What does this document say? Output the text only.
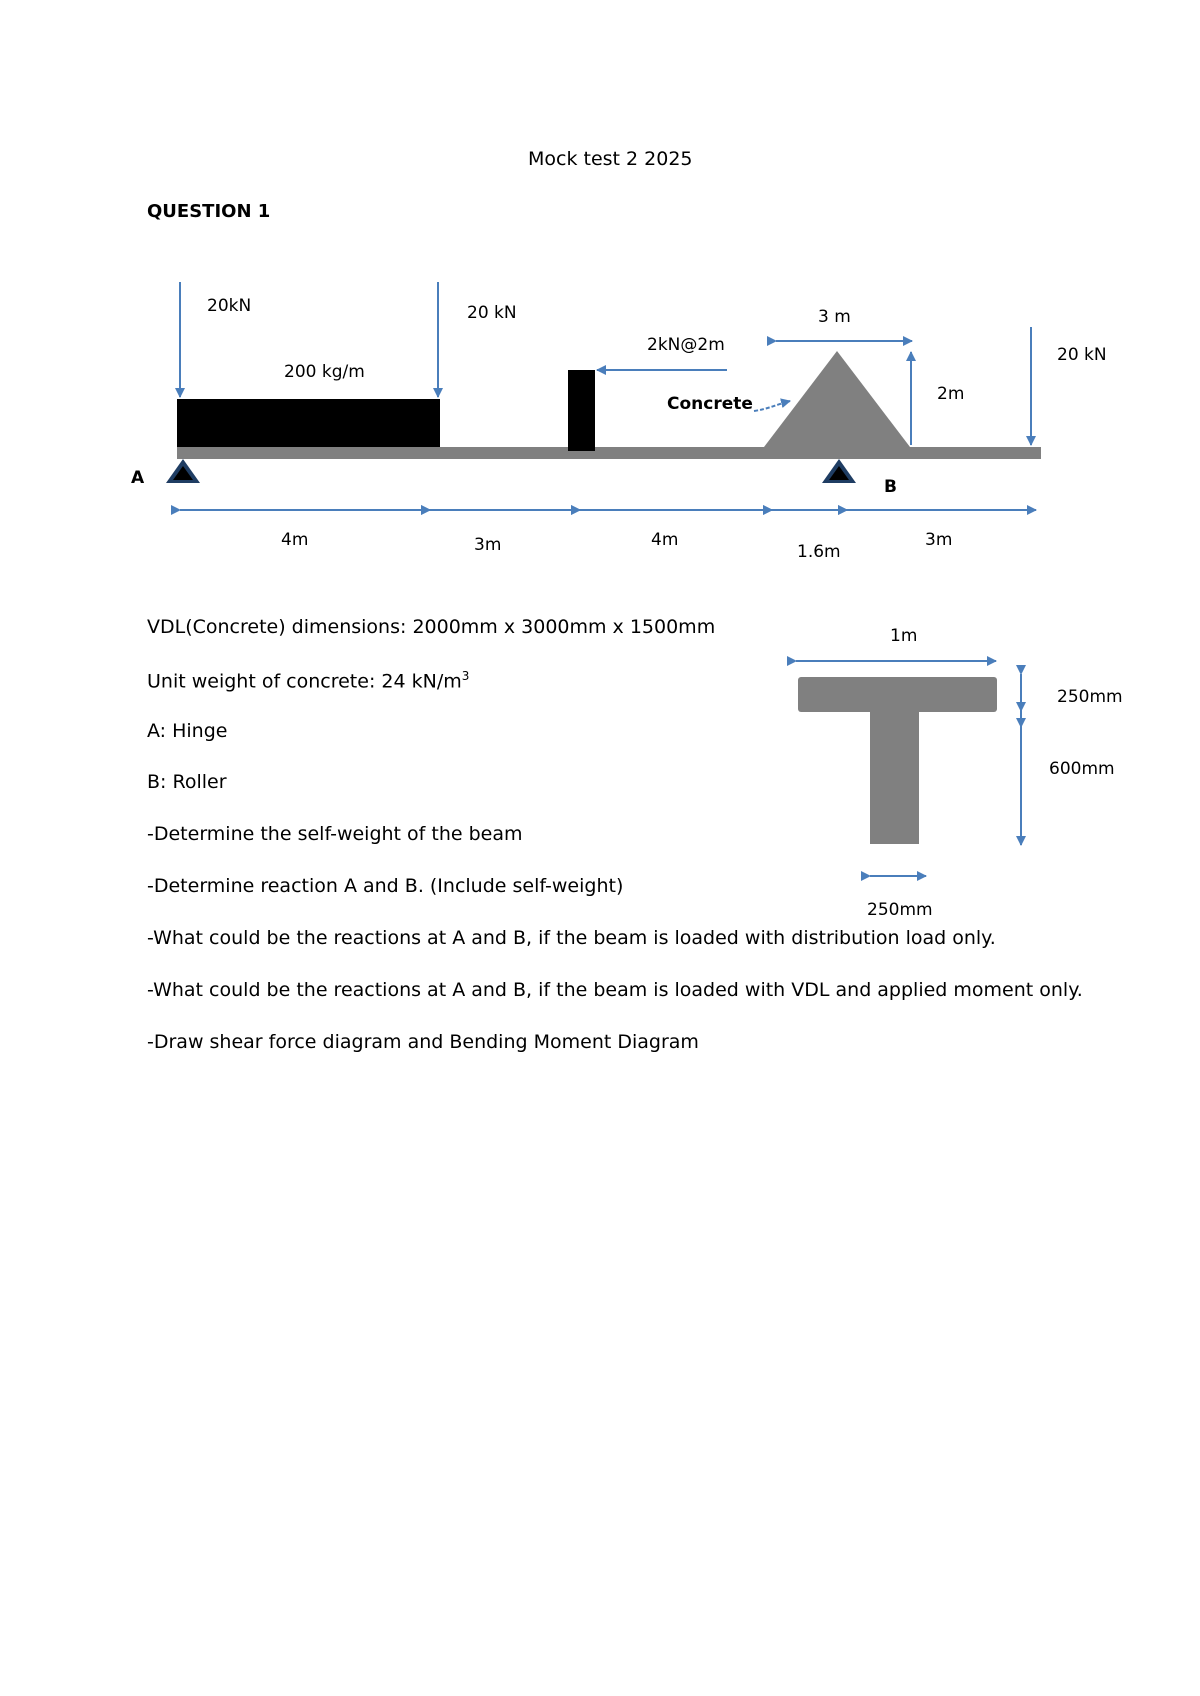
Mock test 2 2025
QUESTION 1
20kN
200 kg/m
20 kN
2kN@2m
Concrete
3 m
2m
20 kN
A	B
4m	3m	4m
1.6m
3m
1m
250mm
600mm
250mm
VDL(Concrete) dimensions: 2000mm x 3000mm x 1500mm
Unit weight of concrete: 24 $kN/m^3$
A: Hinge
B: Roller
-Determine the self-weight of the beam
-Determine reaction A and B. (Include self-weight)
-What could be the reactions at A and B, if the beam is loaded with distribution load only.
-What could be the reactions at A and B, if the beam is loaded with VDL and applied moment only.
-Draw shear force diagram and Bending Moment Diagram
